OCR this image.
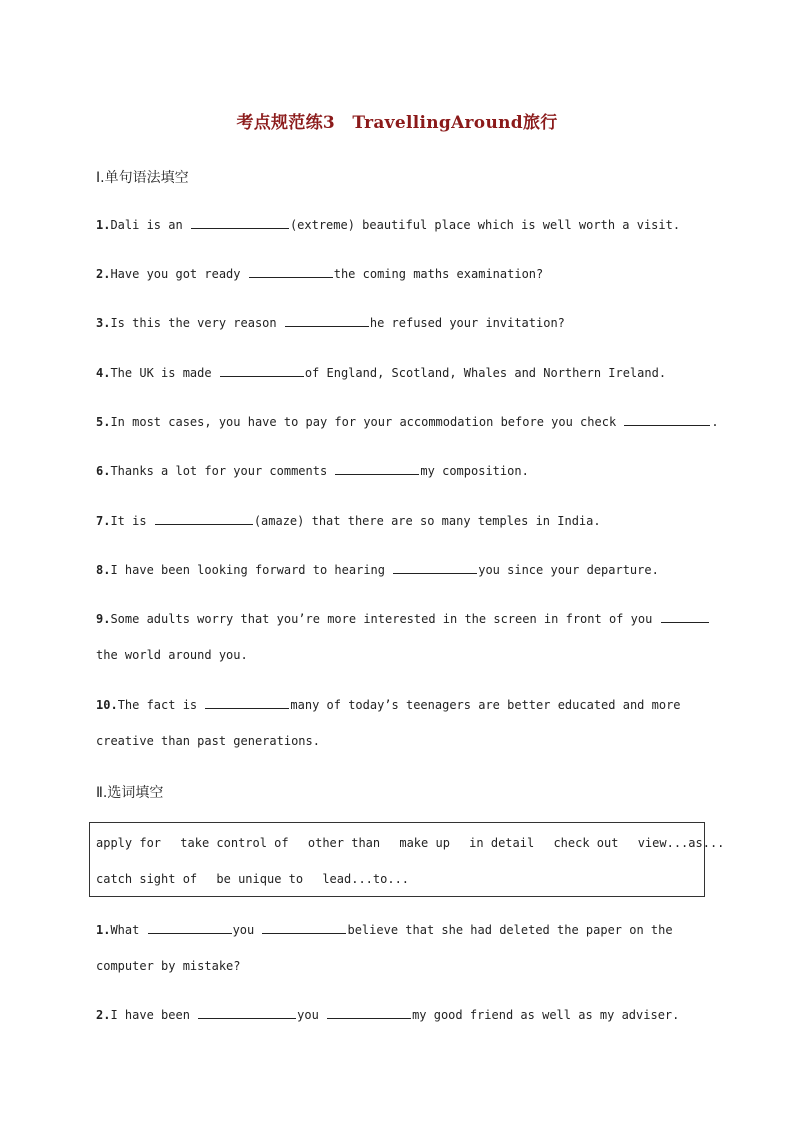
考点规范练3　TravellingAround旅行
Ⅰ.单句语法填空
1.Dali is an	(extreme) beautiful place which is well worth a visit.
2.Have you got ready	the coming maths examination?
3.Is this the very reason	he refused your invitation?
4.The UK is made	of England, Scotland, Whales and Northern Ireland.
5.In most cases, you have to pay for your accommodation before you check	.
6.Thanks a lot for your comments	my composition.
7.It is	(amaze) that there are so many temples in India.
8.I have been looking forward to hearing	you since your departure.
9.Some adults worry that you’re more interested in the screen in front of you
the world around you.
10.The fact is	many of today’s teenagers are better educated and more
creative than past generations.
Ⅱ.选词填空
apply for take control of other than make up in detail check out view...as...
catch sight of be unique to lead...to...
1.What	you	believe that she had deleted the paper on the
computer by mistake?
2.I have been	you	my good friend as well as my adviser.
